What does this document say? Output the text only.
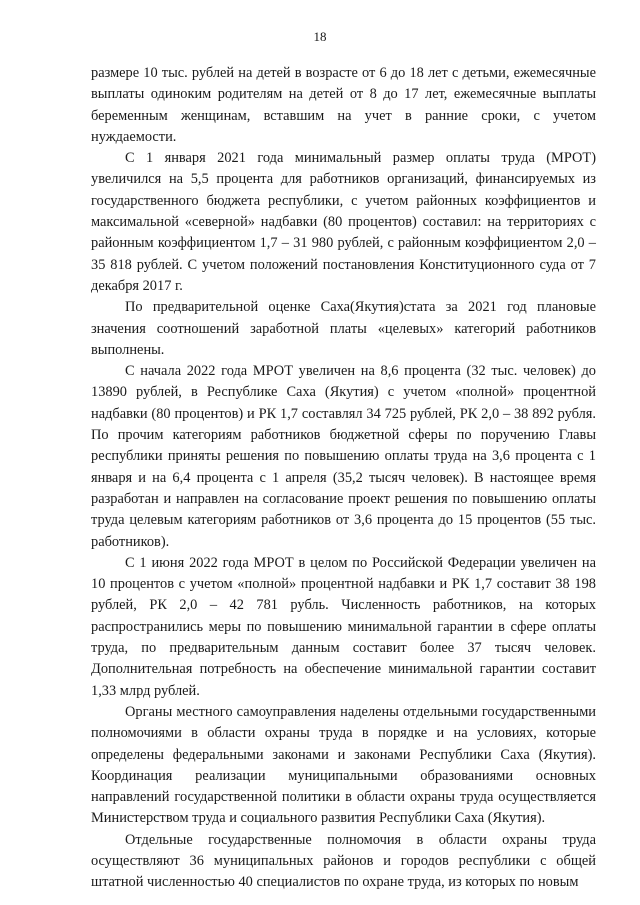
18

размере 10 тыс. рублей на детей в возрасте от 6 до 18 лет с детьми, ежемесячные выплаты одиноким родителям на детей от 8 до 17 лет, ежемесячные выплаты беременным женщинам, вставшим на учет в ранние сроки, с учетом нуждаемости.

С 1 января 2021 года минимальный размер оплаты труда (МРОТ) увеличился на 5,5 процента для работников организаций, финансируемых из государственного бюджета республики, с учетом районных коэффициентов и максимальной «северной» надбавки (80 процентов) составил: на территориях с районным коэффициентом 1,7 – 31 980 рублей, с районным коэффициентом 2,0 – 35 818 рублей. С учетом положений постановления Конституционного суда от 7 декабря 2017 г.

По предварительной оценке Саха(Якутия)стата за 2021 год плановые значения соотношений заработной платы «целевых» категорий работников выполнены.

С начала 2022 года МРОТ увеличен на 8,6 процента (32 тыс. человек) до 13890 рублей, в Республике Саха (Якутия) с учетом «полной» процентной надбавки (80 процентов) и РК 1,7 составлял 34 725 рублей, РК 2,0 – 38 892 рубля. По прочим категориям работников бюджетной сферы по поручению Главы республики приняты решения по повышению оплаты труда на 3,6 процента с 1 января и на 6,4 процента с 1 апреля (35,2 тысяч человек). В настоящее время разработан и направлен на согласование проект решения по повышению оплаты труда целевым категориям работников от 3,6 процента до 15 процентов (55 тыс. работников).

С 1 июня 2022 года МРОТ в целом по Российской Федерации увеличен на 10 процентов с учетом «полной» процентной надбавки и РК 1,7 составит 38 198 рублей, РК 2,0 – 42 781 рубль. Численность работников, на которых распространились меры по повышению минимальной гарантии в сфере оплаты труда, по предварительным данным составит более 37 тысяч человек. Дополнительная потребность на обеспечение минимальной гарантии составит 1,33 млрд рублей.

Органы местного самоуправления наделены отдельными государственными полномочиями в области охраны труда в порядке и на условиях, которые определены федеральными законами и законами Республики Саха (Якутия). Координация реализации муниципальными образованиями основных направлений государственной политики в области охраны труда осуществляется Министерством труда и социального развития Республики Саха (Якутия).

Отдельные государственные полномочия в области охраны труда осуществляют 36 муниципальных районов и городов республики с общей штатной численностью 40 специалистов по охране труда, из которых по новым
